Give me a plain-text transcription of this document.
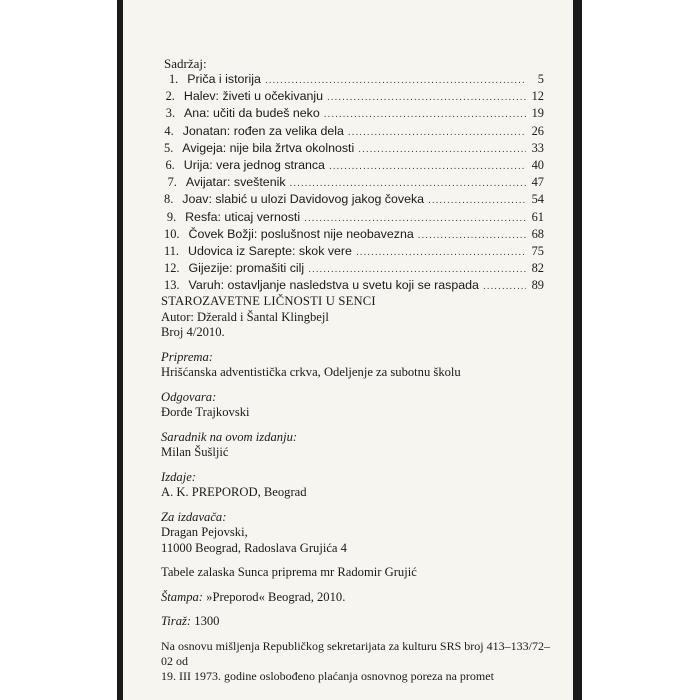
Sadržaj:
1. Priča i istorija .....	5
2. Halev: živeti u očekivanju .....	12
3. Ana: učiti da budeš neko .....	19
4. Jonatan: rođen za velika dela .....	26
5. Avigeja: nije bila žrtva okolnosti .....	33
6. Urija: vera jednog stranca .....	40
7. Avijatar: sveštenik .....	47
8. Joav: slabić u ulozi Davidovog jakog čoveka .....	54
9. Resfa: uticaj vernosti .....	61
10. Čovek Božji: poslušnost nije neobavezna .....	68
11. Udovica iz Sarepte: skok vere .....	75
12. Gijezije: promašiti cilj .....	82
13. Varuh: ostavljanje nasledstva u svetu koji se raspada .....	89
STAROZAVETNE LIČNOSTI U SENCI
Autor: Džerald i Šantal Klingbejl
Broj 4/2010.
Priprema:
Hrišćanska adventistička crkva, Odeljenje za subotnu školu
Odgovara:
Đorđe Trajkovski
Saradnik na ovom izdanju:
Milan Šušljić
Izdaje:
A. K. PREPOROD, Beograd
Za izdavača:
Dragan Pejovski,
11000 Beograd, Radoslava Grujića 4
Tabele zalaska Sunca priprema mr Radomir Grujić
Štampa: »Preporod« Beograd, 2010.
Tiraž: 1300
Na osnovu mišljenja Republičkog sekretarijata za kulturu SRS broj 413–133/72–02 od
19. III 1973. godine oslobođeno plaćanja osnovnog poreza na promet
